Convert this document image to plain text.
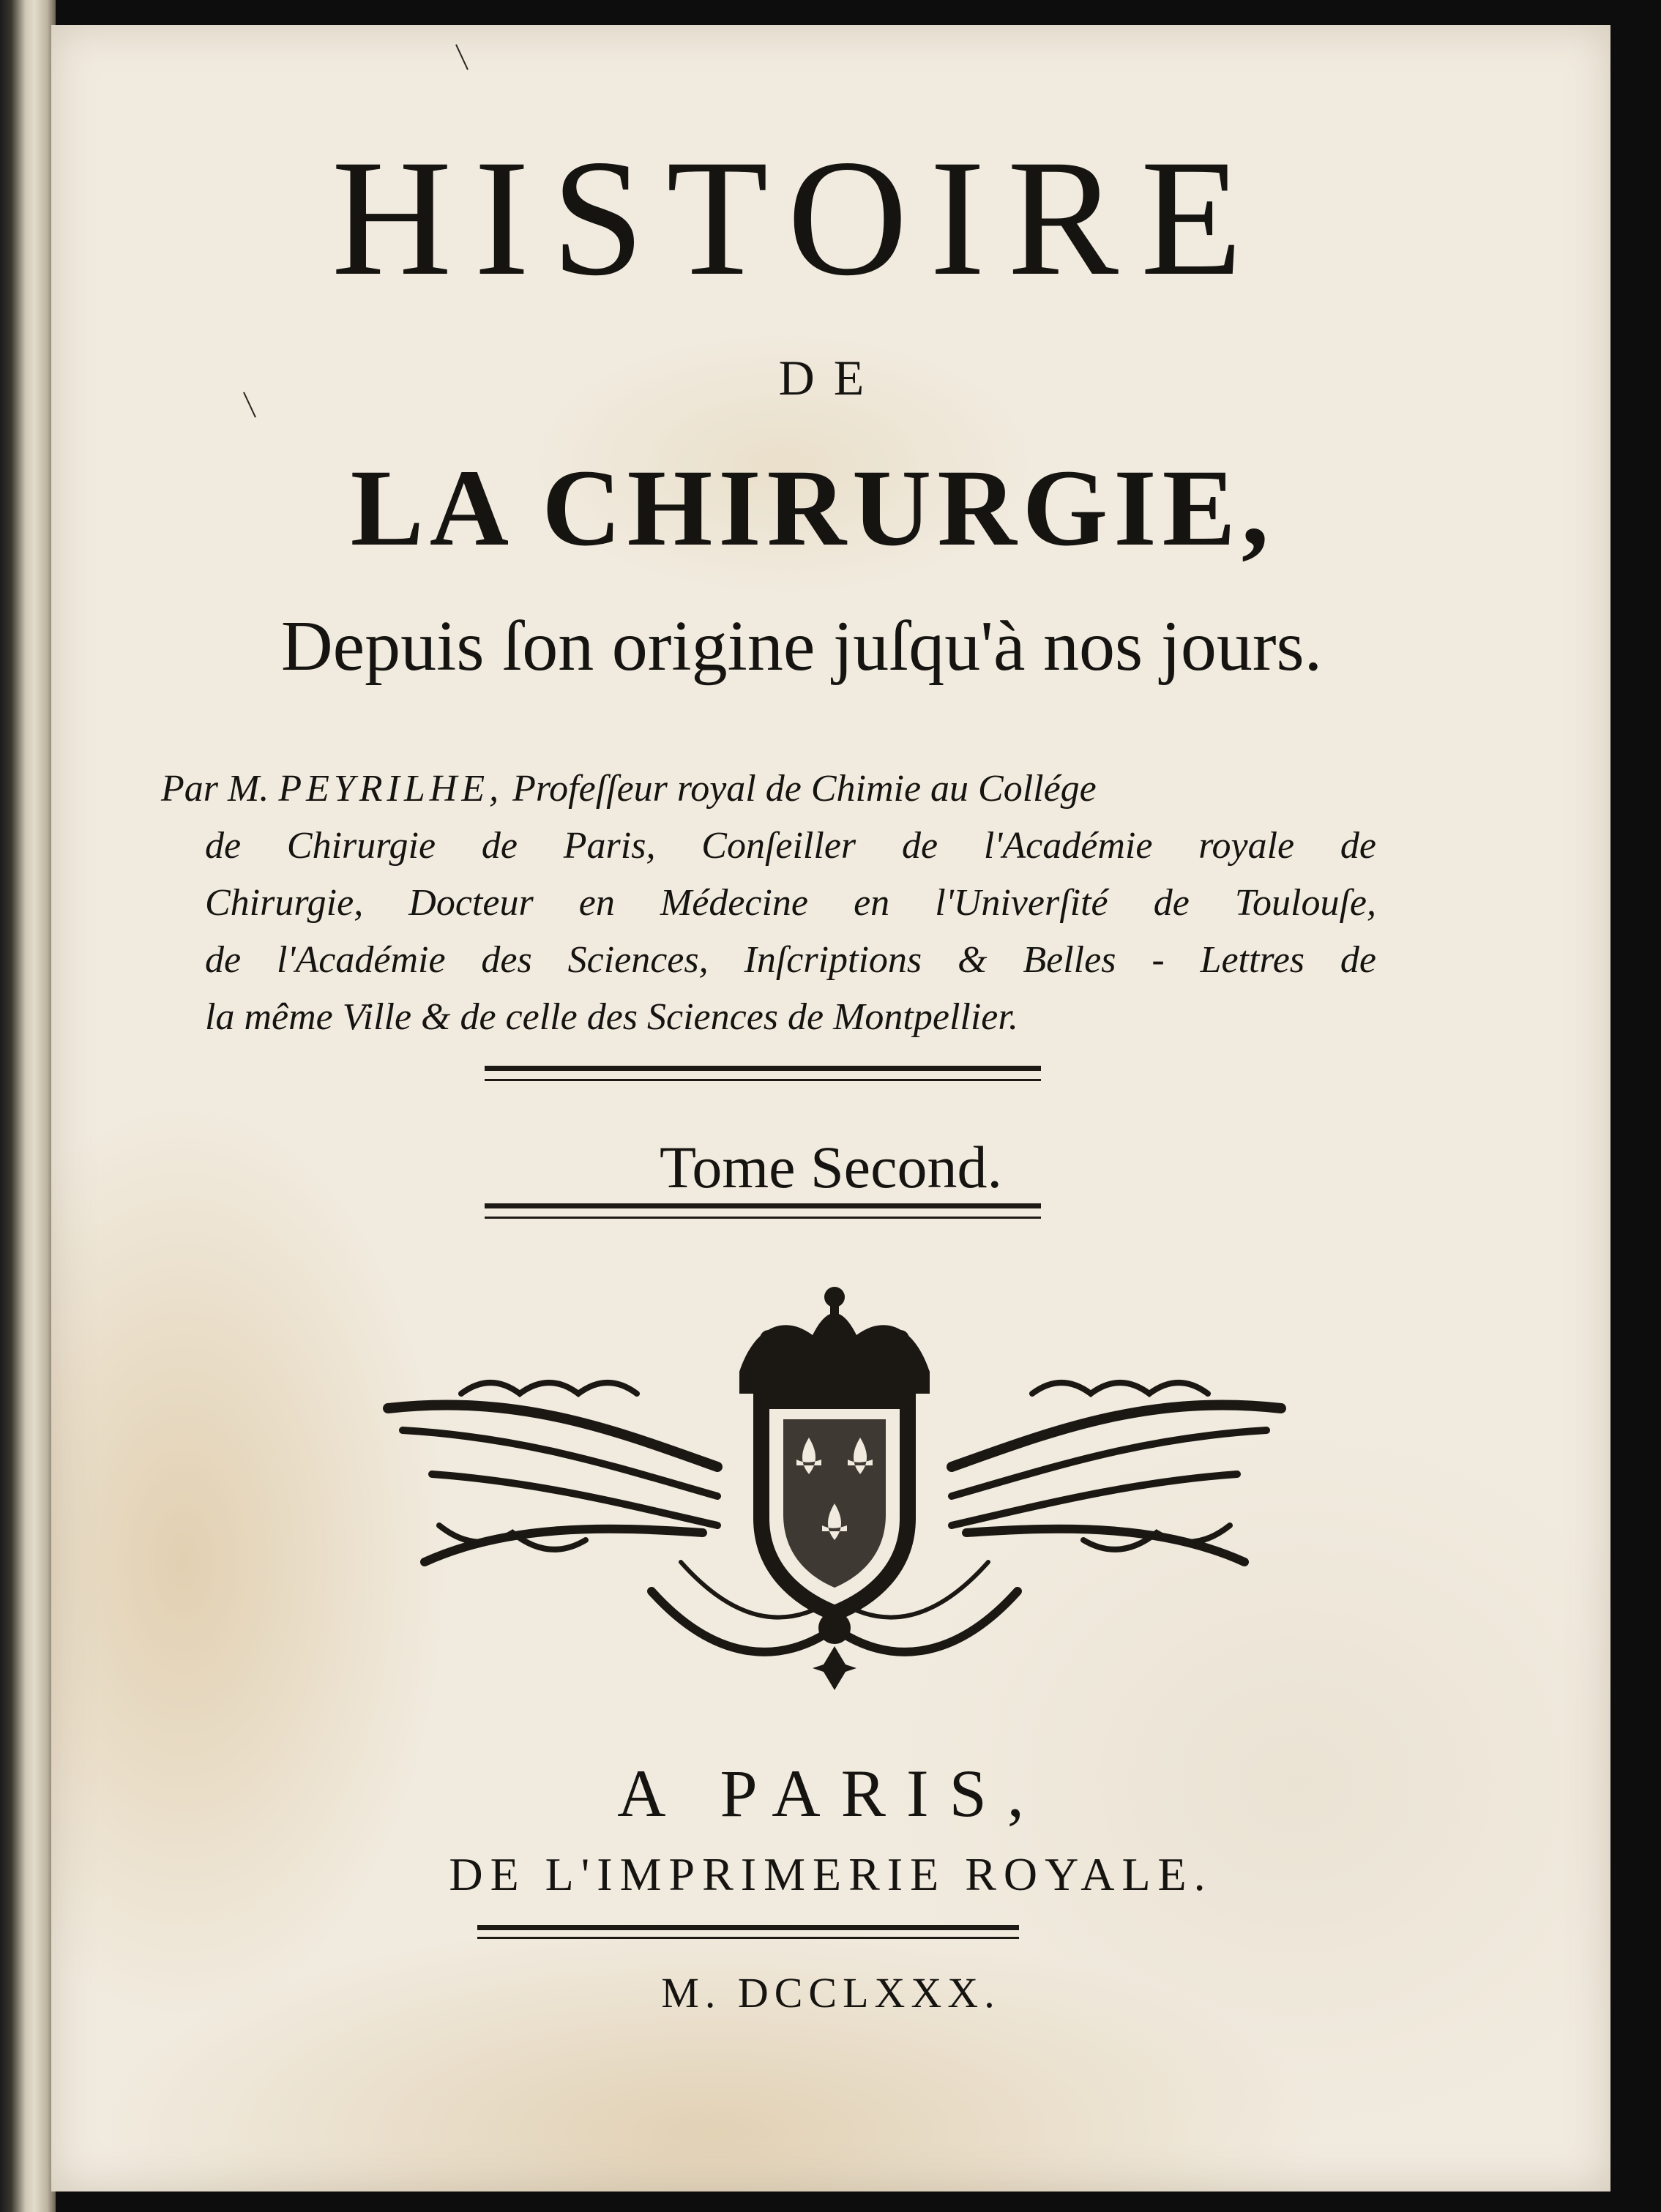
HISTOIRE
DE
LA CHIRURGIE,
Depuis ſon origine juſqu'à nos jours.

Par M. PEYRILHE, Profeſſeur royal de Chimie au Collége

de Chirurgie de Paris, Conſeiller de l'Académie royale de

Chirurgie, Docteur en Médecine en l'Univerſité de Toulouſe,

de l'Académie des Sciences, Inſcriptions & Belles - Lettres de

la même Ville & de celle des Sciences de Montpellier.

Tome Second.
A PARIS,
DE L'IMPRIMERIE ROYALE.
M. DCCLXXX.
